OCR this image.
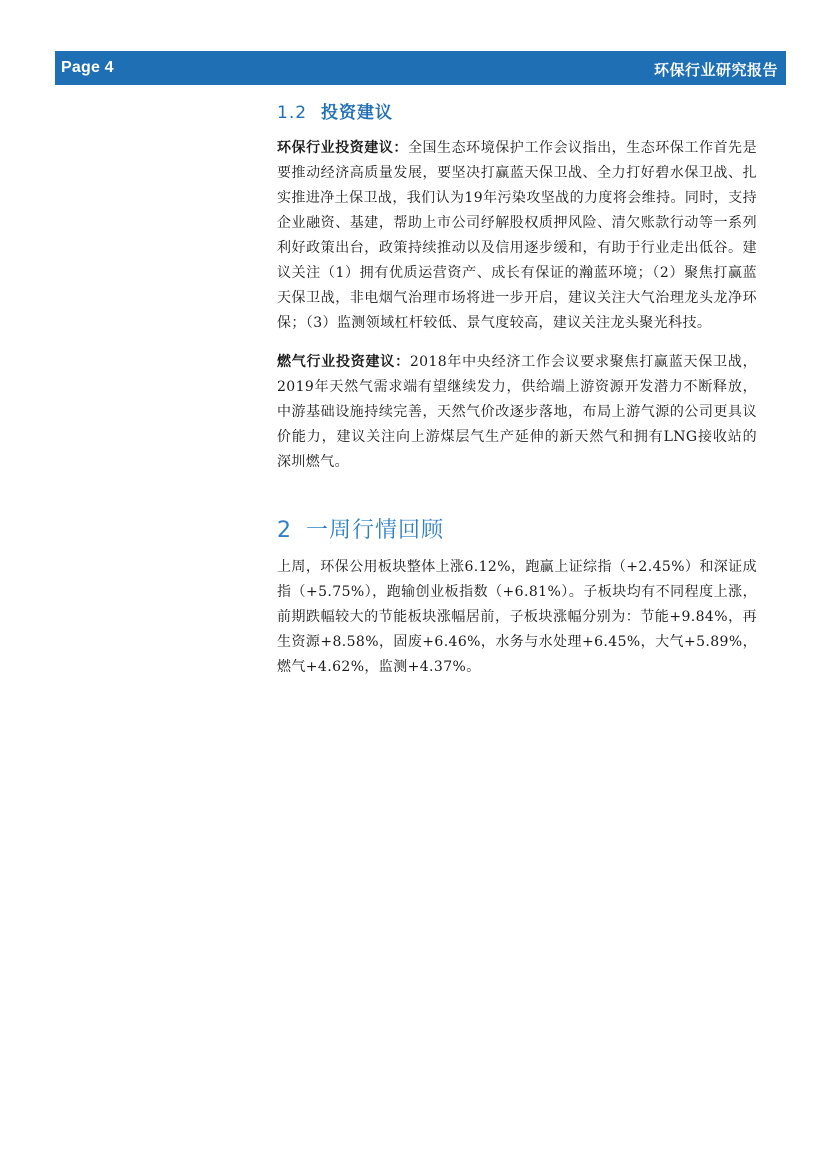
Page 4	环保行业研究报告
1.2 投资建议

环保行业投资建议：全国生态环境保护工作会议指出，生态环保工作首先是要推动经济高质量发展，要坚决打赢蓝天保卫战、全力打好碧水保卫战、扎实推进净土保卫战，我们认为19年污染攻坚战的力度将会维持。同时，支持企业融资、基建，帮助上市公司纾解股权质押风险、清欠账款行动等一系列利好政策出台，政策持续推动以及信用逐步缓和，有助于行业走出低谷。建议关注（1）拥有优质运营资产、成长有保证的瀚蓝环境；（2）聚焦打赢蓝天保卫战，非电烟气治理市场将进一步开启，建议关注大气治理龙头龙净环保；（3）监测领域杠杆较低、景气度较高，建议关注龙头聚光科技。

燃气行业投资建议：2018年中央经济工作会议要求聚焦打赢蓝天保卫战，2019年天然气需求端有望继续发力，供给端上游资源开发潜力不断释放，中游基础设施持续完善，天然气价改逐步落地，布局上游气源的公司更具议价能力，建议关注向上游煤层气生产延伸的新天然气和拥有LNG接收站的深圳燃气。

2 一周行情回顾

上周，环保公用板块整体上涨6.12%，跑赢上证综指（+2.45%）和深证成指（+5.75%），跑输创业板指数（+6.81%）。子板块均有不同程度上涨，前期跌幅较大的节能板块涨幅居前，子板块涨幅分别为：节能+9.84%，再生资源+8.58%，固废+6.46%，水务与水处理+6.45%，大气+5.89%，燃气+4.62%，监测+4.37%。
